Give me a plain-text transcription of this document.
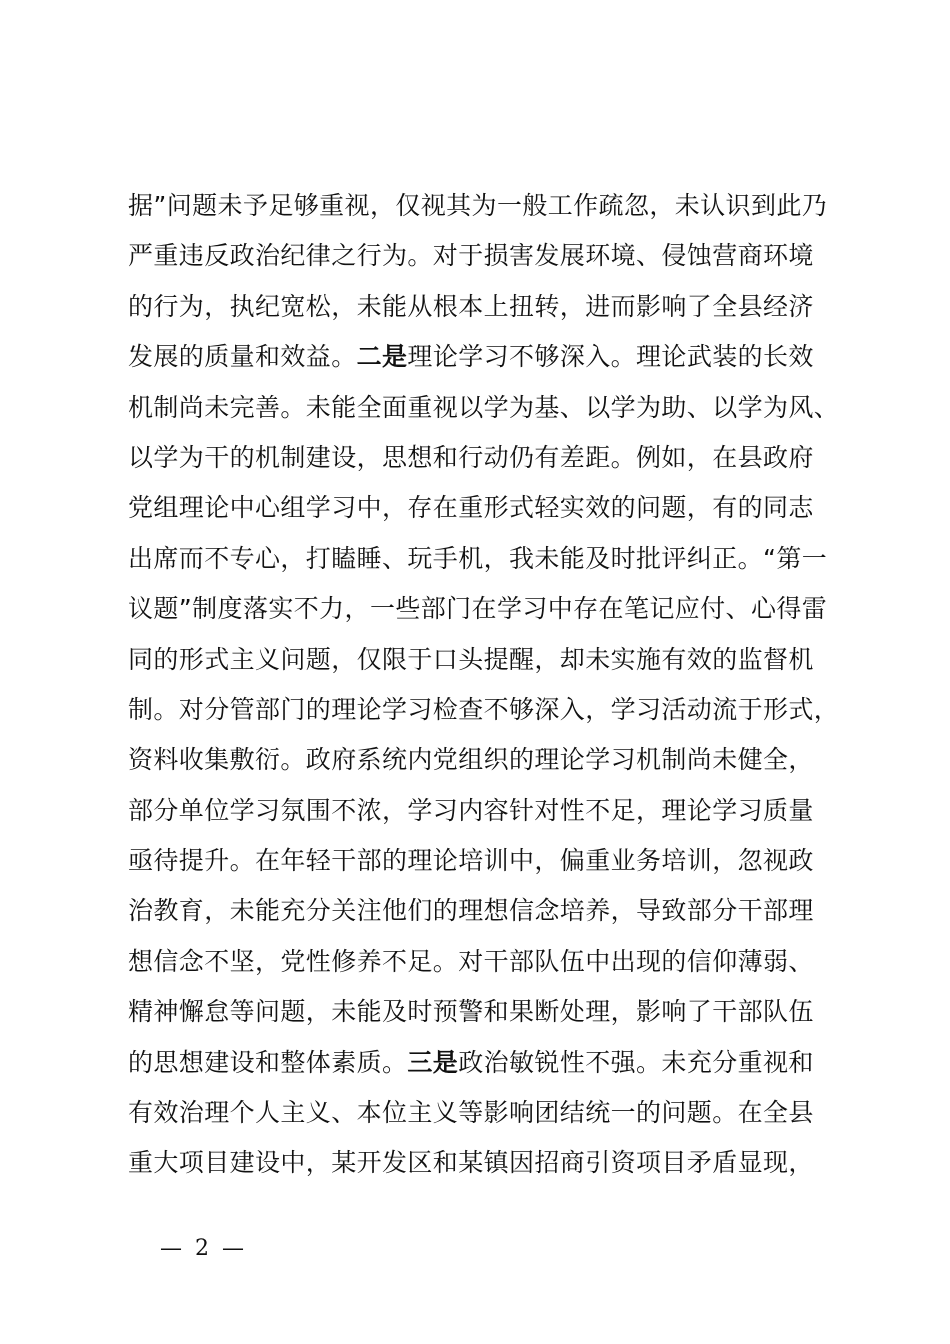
据”问题未予足够重视，仅视其为一般工作疏忽，未认识到此乃
严重违反政治纪律之行为。对于损害发展环境、侵蚀营商环境
的行为，执纪宽松，未能从根本上扭转，进而影响了全县经济
发展的质量和效益。二是理论学习不够深入。理论武装的长效
机制尚未完善。未能全面重视以学为基、以学为助、以学为风、
以学为干的机制建设，思想和行动仍有差距。例如，在县政府
党组理论中心组学习中，存在重形式轻实效的问题，有的同志
出席而不专心，打瞌睡、玩手机，我未能及时批评纠正。“第一
议题”制度落实不力，一些部门在学习中存在笔记应付、心得雷
同的形式主义问题，仅限于口头提醒，却未实施有效的监督机
制。对分管部门的理论学习检查不够深入，学习活动流于形式，
资料收集敷衍。政府系统内党组织的理论学习机制尚未健全，
部分单位学习氛围不浓，学习内容针对性不足，理论学习质量
亟待提升。在年轻干部的理论培训中，偏重业务培训，忽视政
治教育，未能充分关注他们的理想信念培养，导致部分干部理
想信念不坚，党性修养不足。对干部队伍中出现的信仰薄弱、
精神懈怠等问题，未能及时预警和果断处理，影响了干部队伍
的思想建设和整体素质。三是政治敏锐性不强。未充分重视和
有效治理个人主义、本位主义等影响团结统一的问题。在全县
重大项目建设中，某开发区和某镇因招商引资项目矛盾显现，
— 2 —
